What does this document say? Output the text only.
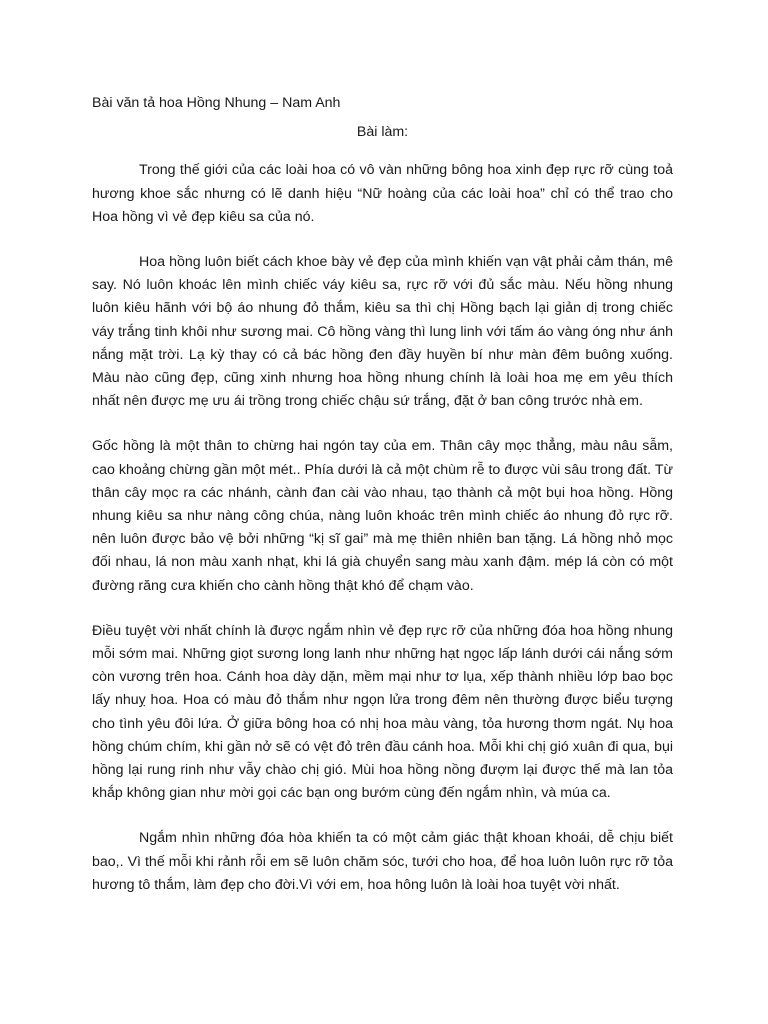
Bài văn tả hoa Hồng Nhung – Nam Anh
Bài làm:

Trong thế giới của các loài hoa có vô vàn những bông hoa xinh đẹp rực rỡ cùng toả hương khoe sắc nhưng có lẽ danh hiệu “Nữ hoàng của các loài hoa” chỉ có thể trao cho Hoa hồng vì vẻ đẹp kiêu sa của nó.

Hoa hồng luôn biết cách khoe bày vẻ đẹp của mình khiến vạn vật phải cảm thán, mê say. Nó luôn khoác lên mình chiếc váy kiêu sa, rực rỡ với đủ sắc màu. Nếu hồng nhung luôn kiêu hãnh với bộ áo nhung đỏ thắm, kiêu sa thì chị Hồng bạch lại giản dị trong chiếc váy trắng tinh khôi như sương mai. Cô hồng vàng thì lung linh với tấm áo vàng óng như ánh nắng mặt trời. Lạ kỳ thay có cả bác hồng đen đầy huyền bí như màn đêm buông xuống. Màu nào cũng đẹp, cũng xinh nhưng hoa hồng nhung chính là loài hoa mẹ em yêu thích nhất nên được mẹ ưu ái trồng trong chiếc chậu sứ trắng, đặt ở ban công trước nhà em.

Gốc hồng là một thân to chừng hai ngón tay của em. Thân cây mọc thẳng, màu nâu sẫm, cao khoảng chừng gần một mét.. Phía dưới là cả một chùm rễ to được vùi sâu trong đất. Từ thân cây mọc ra các nhánh, cành đan cài vào nhau, tạo thành cả một bụi hoa hồng. Hồng nhung kiêu sa như nàng công chúa, nàng luôn khoác trên mình chiếc áo nhung đỏ rực rỡ. nên luôn được bảo vệ bởi những “kị sĩ gai” mà mẹ thiên nhiên ban tặng. Lá hồng nhỏ mọc đối nhau, lá non màu xanh nhạt, khi lá già chuyển sang màu xanh đậm. mép lá còn có một đường răng cưa khiến cho cành hồng thật khó để chạm vào.

Điều tuyệt vời nhất chính là được ngắm nhìn vẻ đẹp rực rỡ của những đóa hoa hồng nhung mỗi sớm mai. Những giọt sương long lanh như những hạt ngọc lấp lánh dưới cái nắng sớm còn vương trên hoa. Cánh hoa dày dặn, mềm mại như tơ lụa, xếp thành nhiều lớp bao bọc lấy nhuỵ hoa. Hoa có màu đỏ thắm như ngọn lửa trong đêm nên thường được biểu tượng cho tình yêu đôi lứa. Ở giữa bông hoa có nhị hoa màu vàng, tỏa hương thơm ngát. Nụ hoa hồng chúm chím, khi gần nở sẽ có vệt đỏ trên đầu cánh hoa. Mỗi khi chị gió xuân đi qua, bụi hồng lại rung rinh như vẫy chào chị gió. Mùi hoa hồng nồng đượm lại được thế mà lan tỏa khắp không gian như mời gọi các bạn ong bướm cùng đến ngắm nhìn, và múa ca.

Ngắm nhìn những đóa hòa khiến ta có một cảm giác thật khoan khoái, dễ chịu biết bao,. Vì thế mỗi khi rảnh rỗi em sẽ luôn chăm sóc, tưới cho hoa, để hoa luôn luôn rực rỡ tỏa hương tô thắm, làm đẹp cho đời.Vì với em, hoa hông luôn là loài hoa tuyệt vời nhất.
